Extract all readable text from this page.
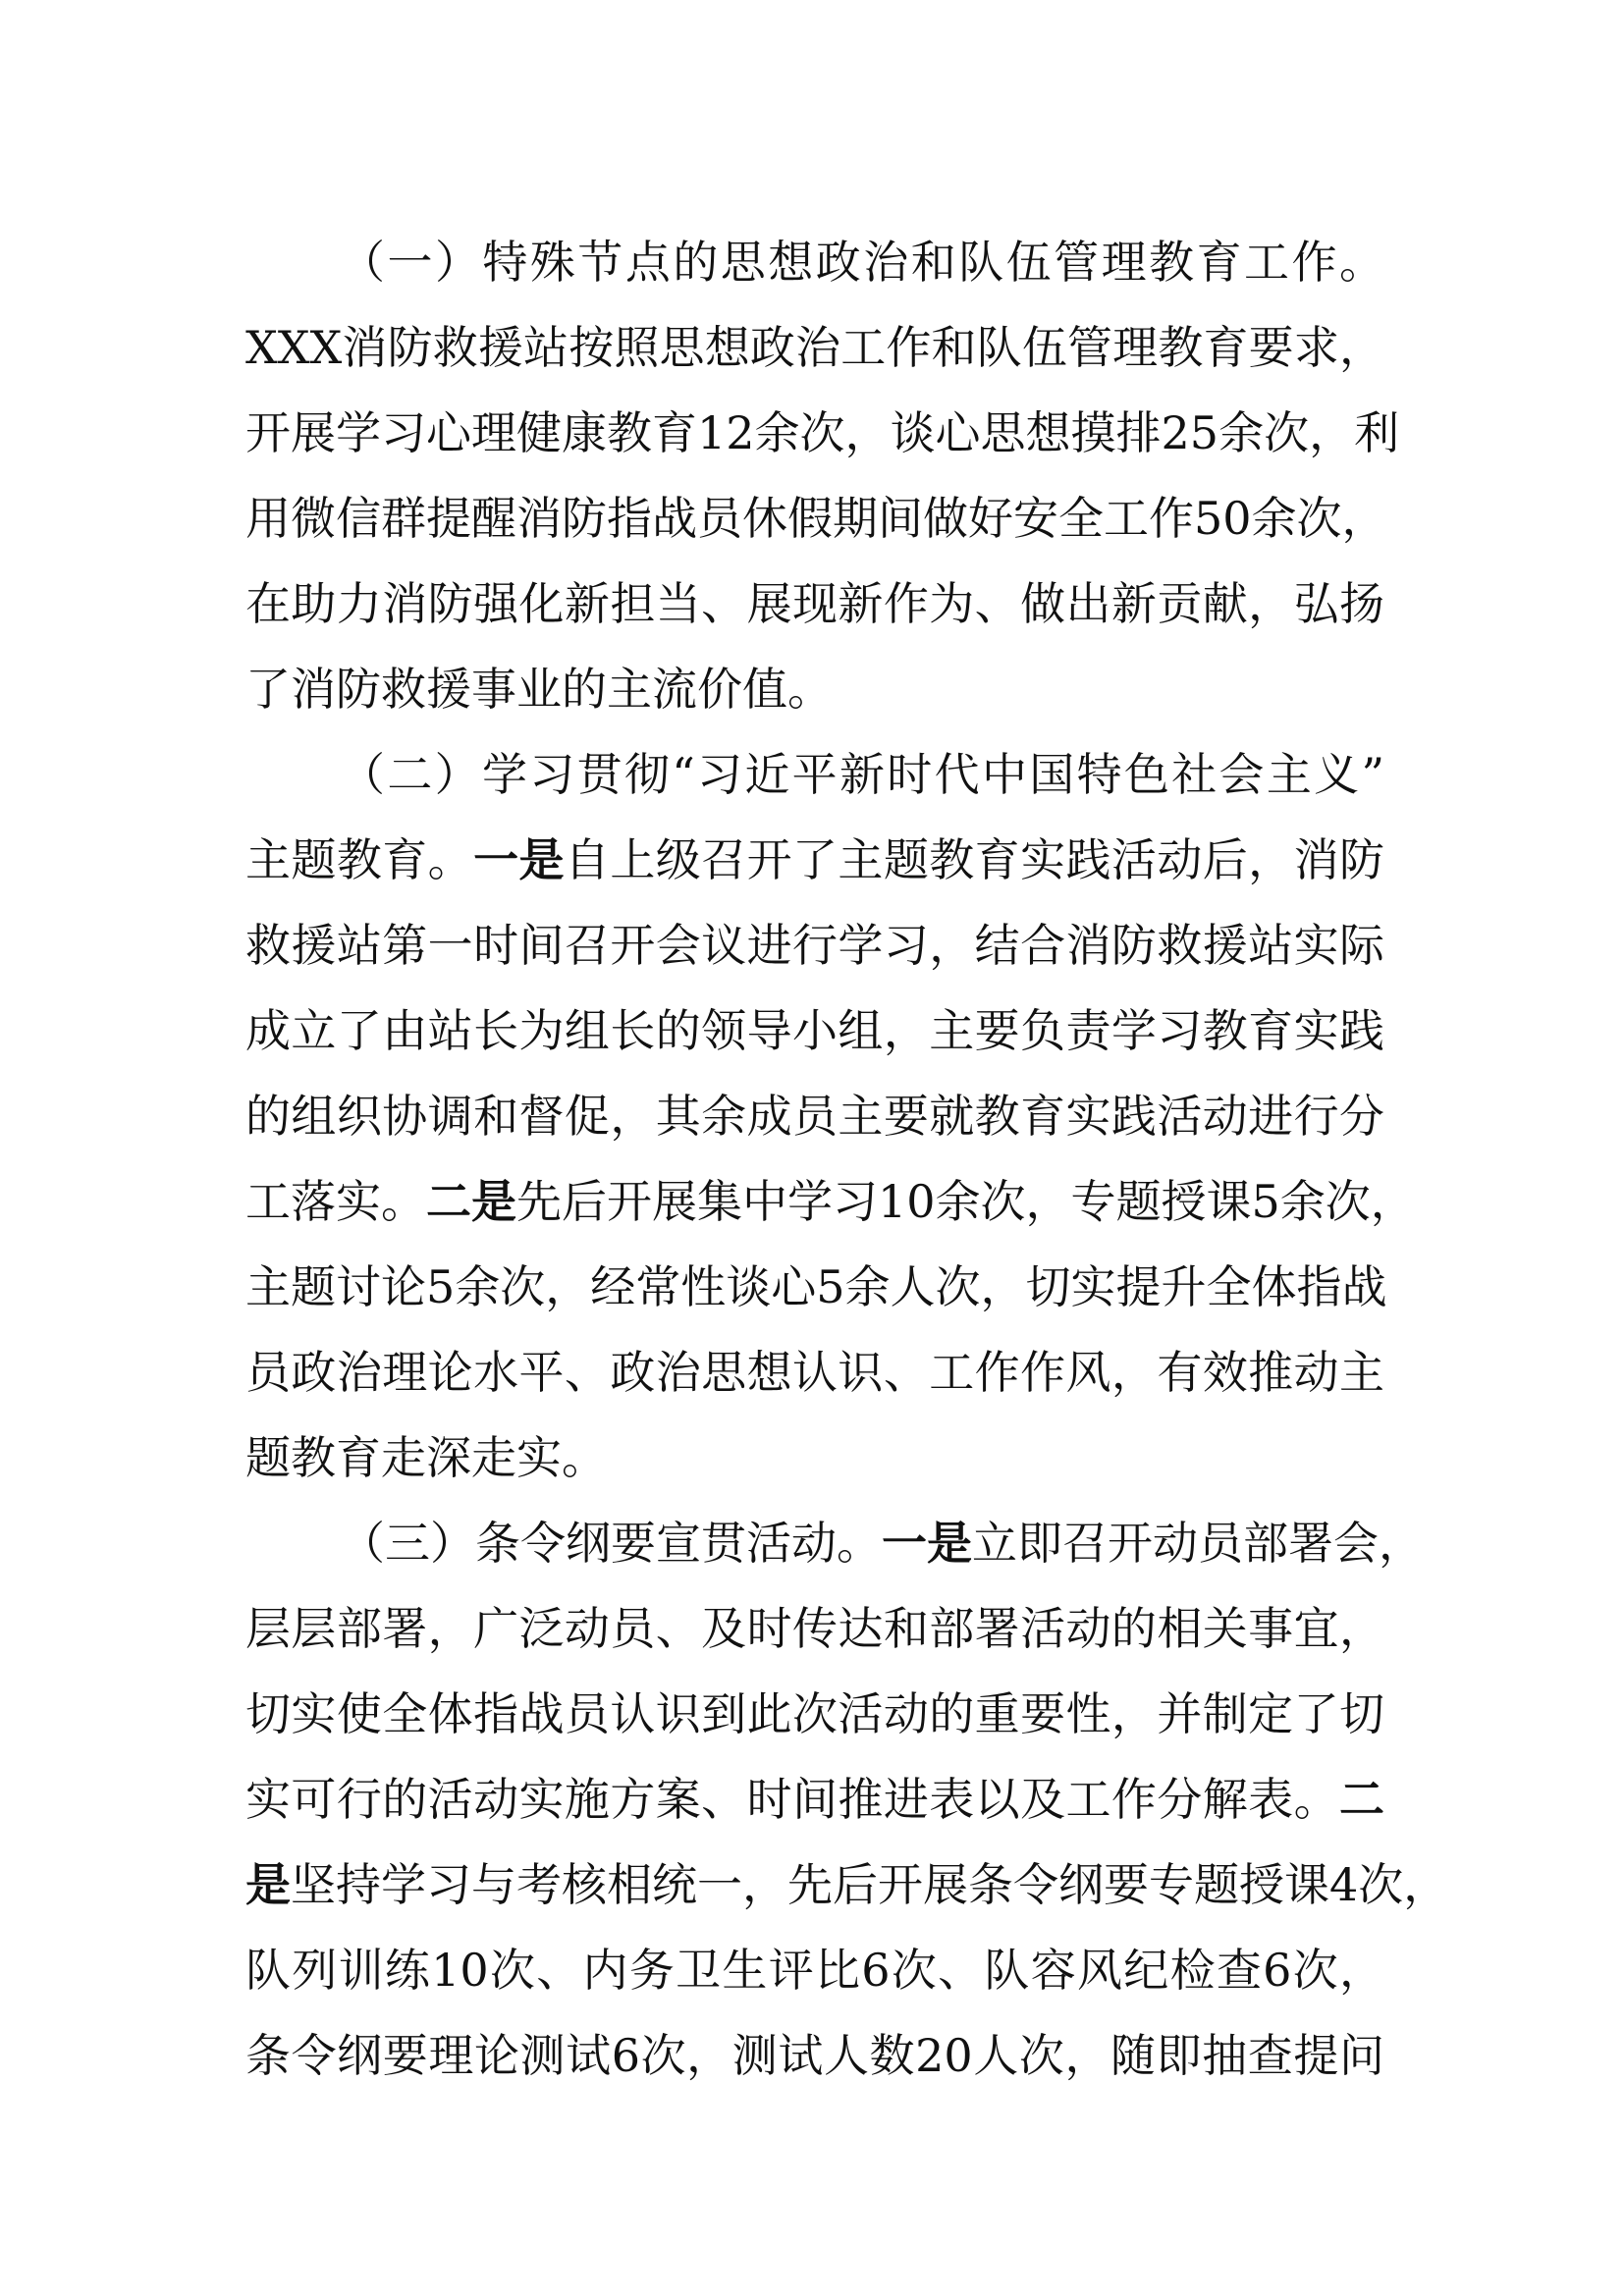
（一）特殊节点的思想政治和队伍管理教育工作。
XXX消防救援站按照思想政治工作和队伍管理教育要求，
开展学习心理健康教育12余次，谈心思想摸排25余次，利
用微信群提醒消防指战员休假期间做好安全工作50余次，
在助力消防强化新担当、展现新作为、做出新贡献，弘扬
了消防救援事业的主流价值。
（二）学习贯彻“习近平新时代中国特色社会主义”
主题教育。一是自上级召开了主题教育实践活动后，消防
救援站第一时间召开会议进行学习，结合消防救援站实际
成立了由站长为组长的领导小组，主要负责学习教育实践
的组织协调和督促，其余成员主要就教育实践活动进行分
工落实。二是先后开展集中学习10余次，专题授课5余次，
主题讨论5余次，经常性谈心5余人次，切实提升全体指战
员政治理论水平、政治思想认识、工作作风，有效推动主
题教育走深走实。
（三）条令纲要宣贯活动。一是立即召开动员部署会，
层层部署，广泛动员、及时传达和部署活动的相关事宜，
切实使全体指战员认识到此次活动的重要性，并制定了切
实可行的活动实施方案、时间推进表以及工作分解表。二
是坚持学习与考核相统一，先后开展条令纲要专题授课4次，
队列训练10次、内务卫生评比6次、队容风纪检查6次，
条令纲要理论测试6次，测试人数20人次，随即抽查提问
